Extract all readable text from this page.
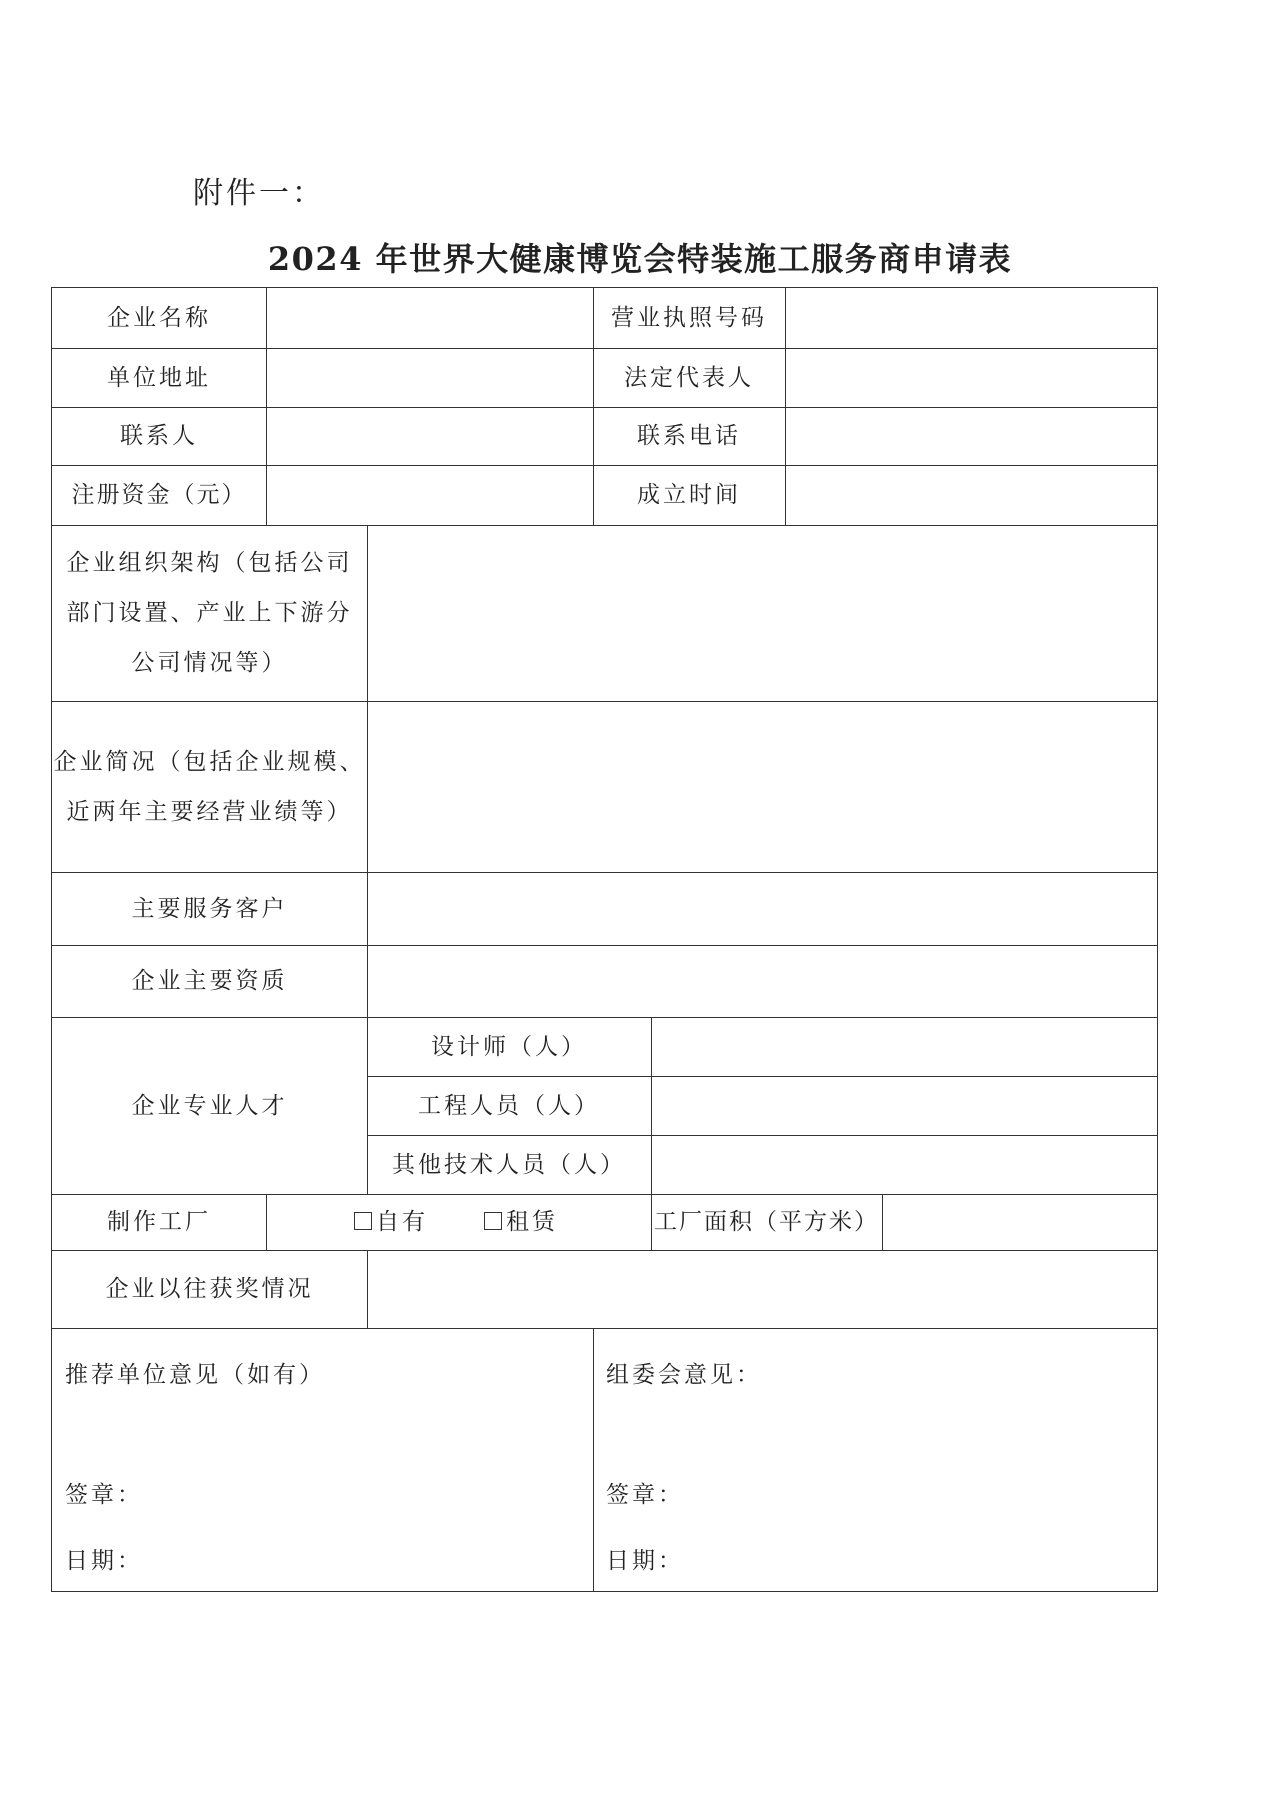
附件一：
2024 年世界大健康博览会特装施工服务商申请表
企业名称	营业执照号码
单位地址	法定代表人
联系人	联系电话
注册资金（元）	成立时间
企业组织架构（包括公司
部门设置、产业上下游分
公司情况等）
企业简况（包括企业规模、
近两年主要经营业绩等）
主要服务客户
企业主要资质
企业专业人才
设计师（人）
工程人员（人）
其他技术人员（人）
制作工厂	自有	租赁	工厂面积（平方米）
企业以往获奖情况
推荐单位意见（如有）
签章：
日期：
组委会意见：
签章：
日期：
